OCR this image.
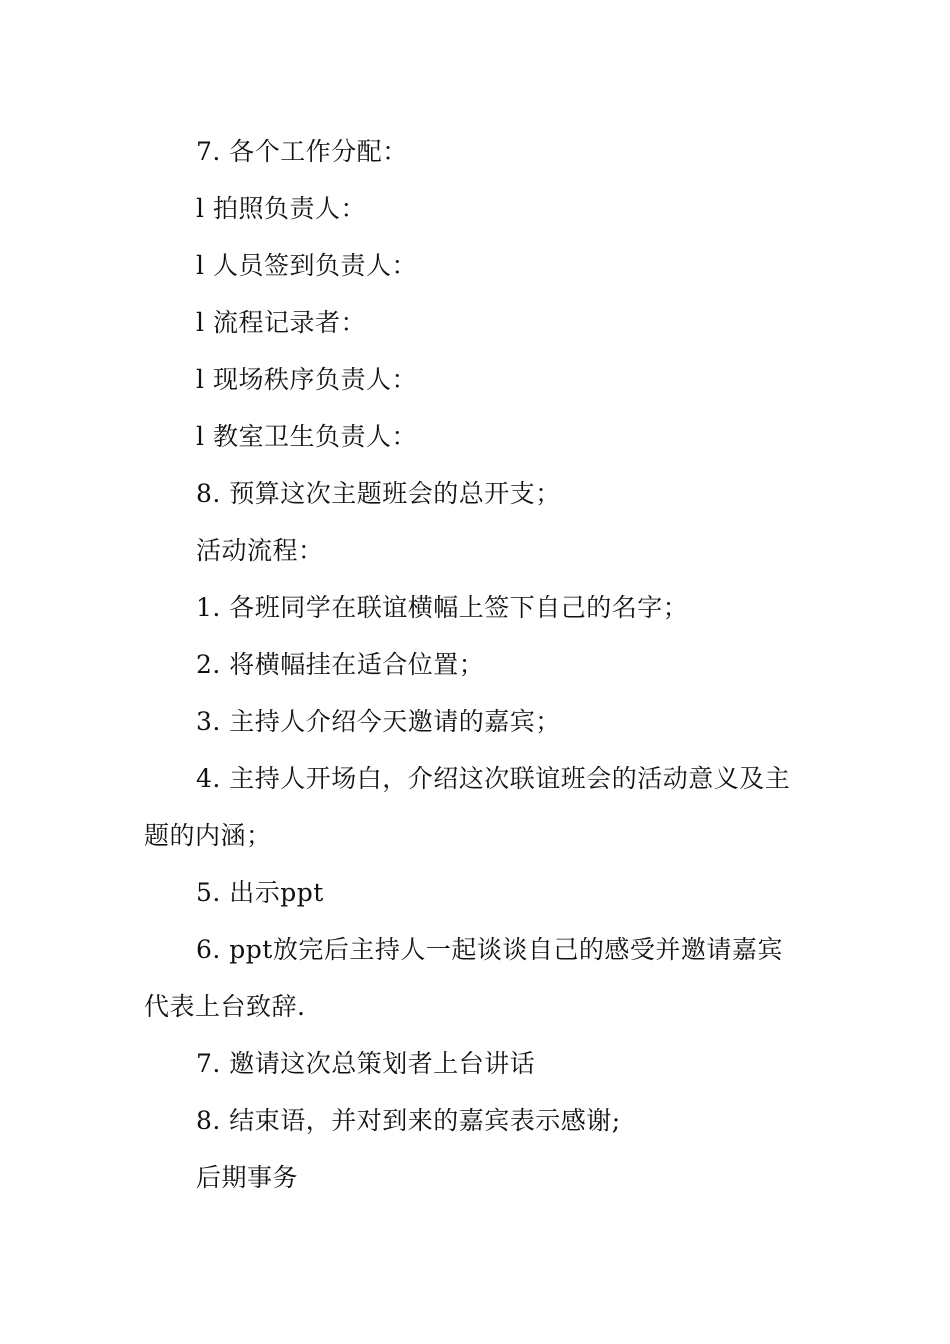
7. 各个工作分配：
l 拍照负责人：
l 人员签到负责人：
l 流程记录者：
l 现场秩序负责人：
l 教室卫生负责人：
8. 预算这次主题班会的总开支；
活动流程：
1. 各班同学在联谊横幅上签下自己的名字；
2. 将横幅挂在适合位置；
3. 主持人介绍今天邀请的嘉宾；
4. 主持人开场白，介绍这次联谊班会的活动意义及主
题的内涵；
5. 出示ppt
6. ppt放完后主持人一起谈谈自己的感受并邀请嘉宾
代表上台致辞.
7. 邀请这次总策划者上台讲话
8. 结束语，并对到来的嘉宾表示感谢;
后期事务
